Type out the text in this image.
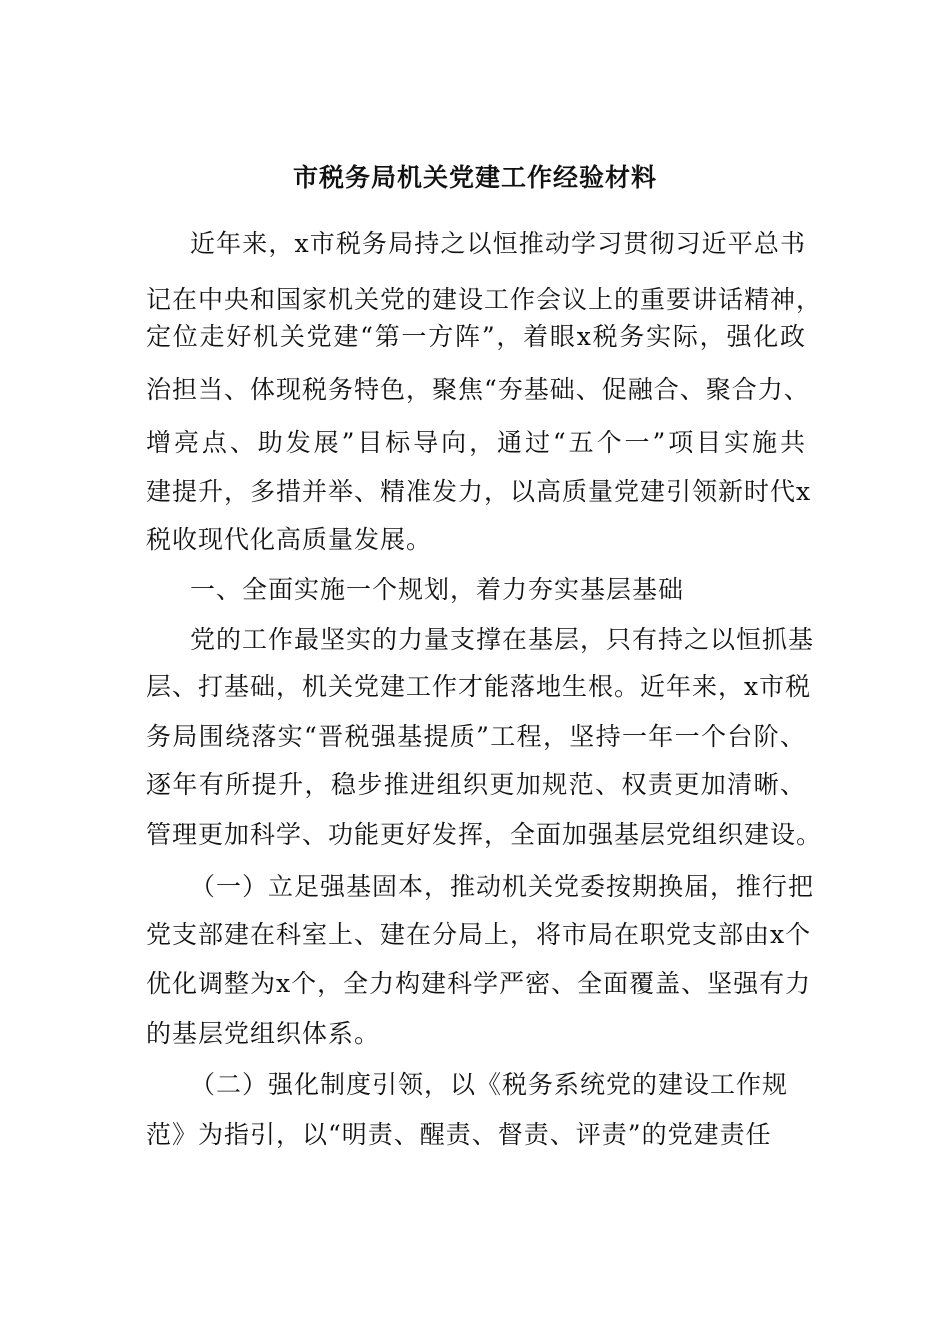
市税务局机关党建工作经验材料
近年来，x市税务局持之以恒推动学习贯彻习近平总书
记在中央和国家机关党的建设工作会议上的重要讲话精神，
定位走好机关党建“第一方阵”，着眼x税务实际，强化政
治担当、体现税务特色，聚焦“夯基础、促融合、聚合力、
增亮点、助发展”目标导向，通过“五个一”项目实施共
建提升，多措并举、精准发力，以高质量党建引领新时代x
税收现代化高质量发展。
一、全面实施一个规划，着力夯实基层基础
党的工作最坚实的力量支撑在基层，只有持之以恒抓基
层、打基础，机关党建工作才能落地生根。近年来，x市税
务局围绕落实“晋税强基提质”工程，坚持一年一个台阶、
逐年有所提升，稳步推进组织更加规范、权责更加清晰、
管理更加科学、功能更好发挥，全面加强基层党组织建设。
（一）立足强基固本，推动机关党委按期换届，推行把
党支部建在科室上、建在分局上，将市局在职党支部由x个
优化调整为x个，全力构建科学严密、全面覆盖、坚强有力
的基层党组织体系。
（二）强化制度引领，以《税务系统党的建设工作规
范》为指引，以“明责、醒责、督责、评责”的党建责任
